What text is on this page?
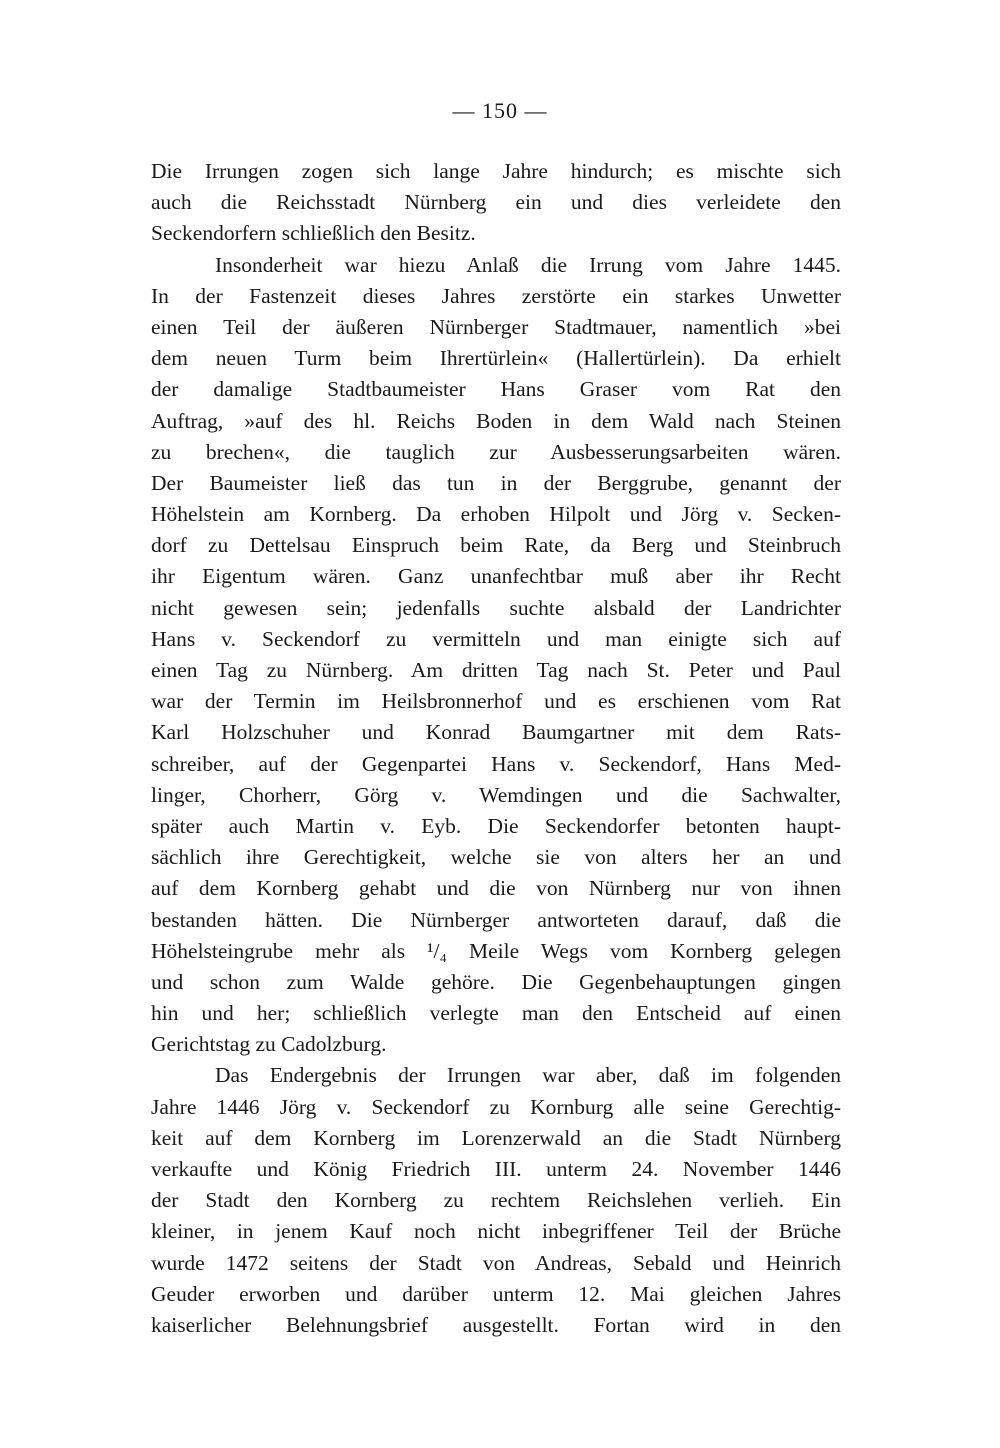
— 150 —
Die Irrungen zogen sich lange Jahre hindurch; es mischte sich
auch die Reichsstadt Nürnberg ein und dies verleidete den
Seckendorfern schließlich den Besitz.
Insonderheit war hiezu Anlaß die Irrung vom Jahre 1445.
In der Fastenzeit dieses Jahres zerstörte ein starkes Unwetter
einen Teil der äußeren Nürnberger Stadtmauer, namentlich »bei
dem neuen Turm beim Ihrertürlein« (Hallertürlein). Da erhielt
der damalige Stadtbaumeister Hans Graser vom Rat den
Auftrag, »auf des hl. Reichs Boden in dem Wald nach Steinen
zu brechen«, die tauglich zur Ausbesserungsarbeiten wären.
Der Baumeister ließ das tun in der Berggrube, genannt der
Höhelstein am Kornberg. Da erhoben Hilpolt und Jörg v. Secken-
dorf zu Dettelsau Einspruch beim Rate, da Berg und Steinbruch
ihr Eigentum wären. Ganz unanfechtbar muß aber ihr Recht
nicht gewesen sein; jedenfalls suchte alsbald der Landrichter
Hans v. Seckendorf zu vermitteln und man einigte sich auf
einen Tag zu Nürnberg. Am dritten Tag nach St. Peter und Paul
war der Termin im Heilsbronnerhof und es erschienen vom Rat
Karl Holzschuher und Konrad Baumgartner mit dem Rats-
schreiber, auf der Gegenpartei Hans v. Seckendorf, Hans Med-
linger, Chorherr, Görg v. Wemdingen und die Sachwalter,
später auch Martin v. Eyb. Die Seckendorfer betonten haupt-
sächlich ihre Gerechtigkeit, welche sie von alters her an und
auf dem Kornberg gehabt und die von Nürnberg nur von ihnen
bestanden hätten. Die Nürnberger antworteten darauf, daß die
Höhelsteingrube mehr als ¹/₄ Meile Wegs vom Kornberg gelegen
und schon zum Walde gehöre. Die Gegenbehauptungen gingen
hin und her; schließlich verlegte man den Entscheid auf einen
Gerichtstag zu Cadolzburg.
Das Endergebnis der Irrungen war aber, daß im folgenden
Jahre 1446 Jörg v. Seckendorf zu Kornburg alle seine Gerechtig-
keit auf dem Kornberg im Lorenzerwald an die Stadt Nürnberg
verkaufte und König Friedrich III. unterm 24. November 1446
der Stadt den Kornberg zu rechtem Reichslehen verlieh. Ein
kleiner, in jenem Kauf noch nicht inbegriffener Teil der Brüche
wurde 1472 seitens der Stadt von Andreas, Sebald und Heinrich
Geuder erworben und darüber unterm 12. Mai gleichen Jahres
kaiserlicher Belehnungsbrief ausgestellt. Fortan wird in den
